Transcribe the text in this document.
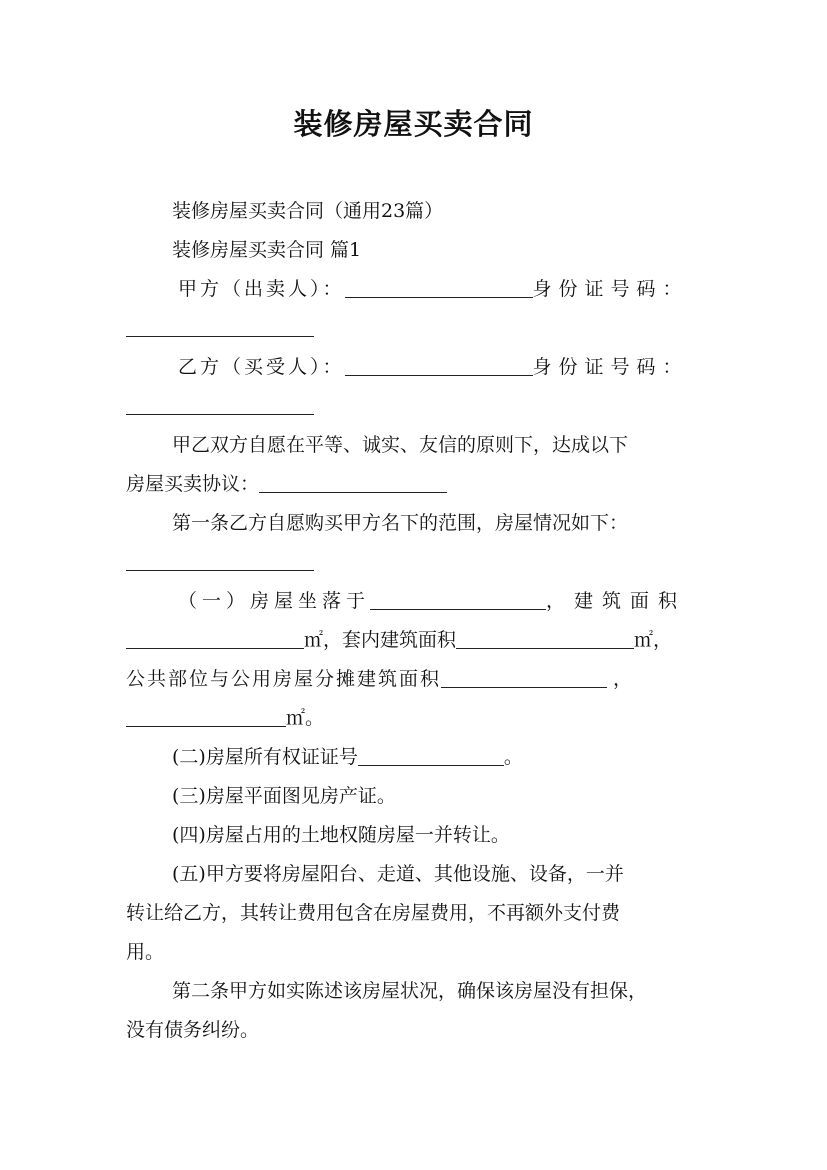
装修房屋买卖合同
装修房屋买卖合同（通用23篇）
装修房屋买卖合同 篇1
甲方（出卖人）：	身份证号码：
乙方（买受人）：	身份证号码：
甲乙双方自愿在平等、诚实、友信的原则下，达成以下
房屋买卖协议：
第一条乙方自愿购买甲方名下的范围，房屋情况如下：
（一）房屋坐落于	，建筑面积
㎡，套内建筑面积	㎡，
公共部位与公用房屋分摊建筑面积	，
㎡。
(二)房屋所有权证证号	。
(三)房屋平面图见房产证。
(四)房屋占用的土地权随房屋一并转让。
(五)甲方要将房屋阳台、走道、其他设施、设备，一并
转让给乙方，其转让费用包含在房屋费用，不再额外支付费
用。
第二条甲方如实陈述该房屋状况，确保该房屋没有担保，
没有债务纠纷。
